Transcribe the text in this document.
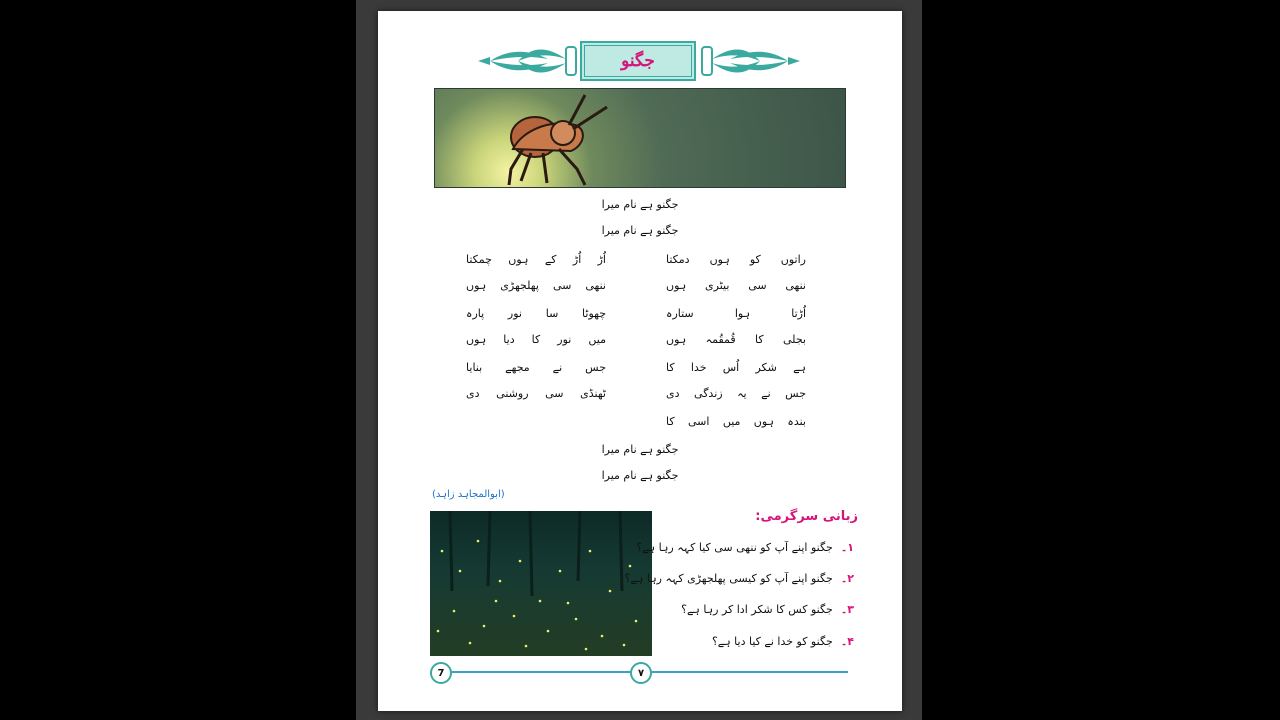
جگنو
جگنو ہے نام میرا
جگنو ہے نام میرا
راتوں
کو
ہوں
دمکتا
اُڑ
اُڑ
کے
ہوں
چمکتا
ننھی
سی
بیٹری
ہوں
ننھی
سی
پھلجھڑی
ہوں
اُڑتا
ہوا
ستارہ
چھوٹا
سا
نور
پارہ
بجلی
کا
قُمقُمہ
ہوں
میں
نور
کا
دیا
ہوں
ہے
شکر
اُس
خدا
کا
جس
نے
مجھے
بنایا
جس
نے
یہ
زندگی
دی
ٹھنڈی
سی
روشنی
دی
بندہ
ہوں
میں
اسی
کا
جگنو ہے نام میرا
جگنو ہے نام میرا
(ابوالمجاہد زاہد)
زبانی سرگرمی:
۱۔
جگنو اپنے آپ کو ننھی سی کیا کہہ رہا ہے؟
۲۔
جگنو اپنے آپ کو کیسی پھلجھڑی کہہ رہا ہے؟
۳۔
جگنو کس کا شکر ادا کر رہا ہے؟
۴۔
جگنو کو خدا نے کیا دیا ہے؟
7	۷
